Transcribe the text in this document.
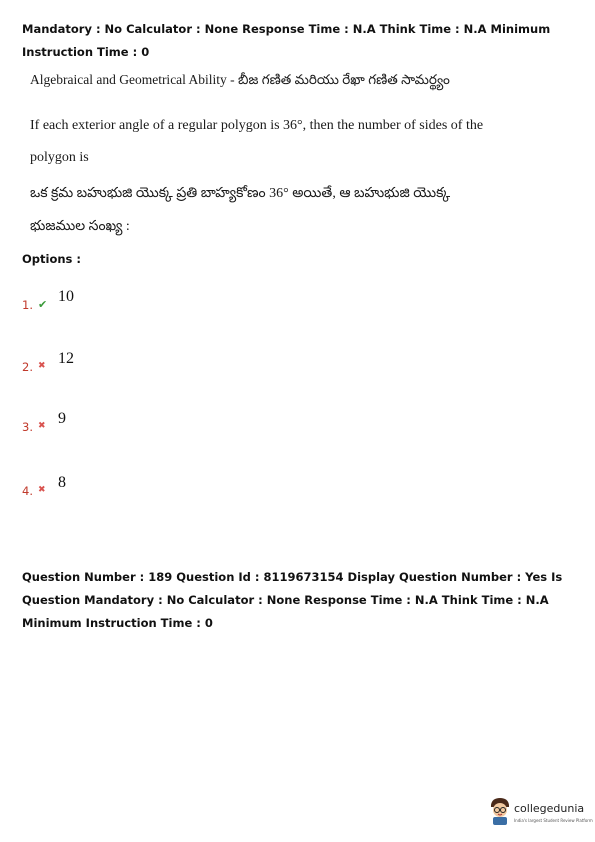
Mandatory : No Calculator : None Response Time : N.A Think Time : N.A Minimum Instruction Time : 0
Algebraical and Geometrical Ability - బీజ గణిత మరియు రేఖా గణిత సామర్థ్యం
If each exterior angle of a regular polygon is 36°, then the number of sides of the
polygon is
ఒక క్రమ బహుభుజి యొక్క ప్రతి బాహ్యకోణం 36° అయితే, ఆ బహుభుజి యొక్క
భుజముల సంఖ్య :
Options :
1. ✔ 10
2. ✖ 12
3. ✖ 9
4. ✖ 8
Question Number : 189 Question Id : 8119673154 Display Question Number : Yes Is Question Mandatory : No Calculator : None Response Time : N.A Think Time : N.A Minimum Instruction Time : 0
collegedunia
India's largest Student Review Platform
